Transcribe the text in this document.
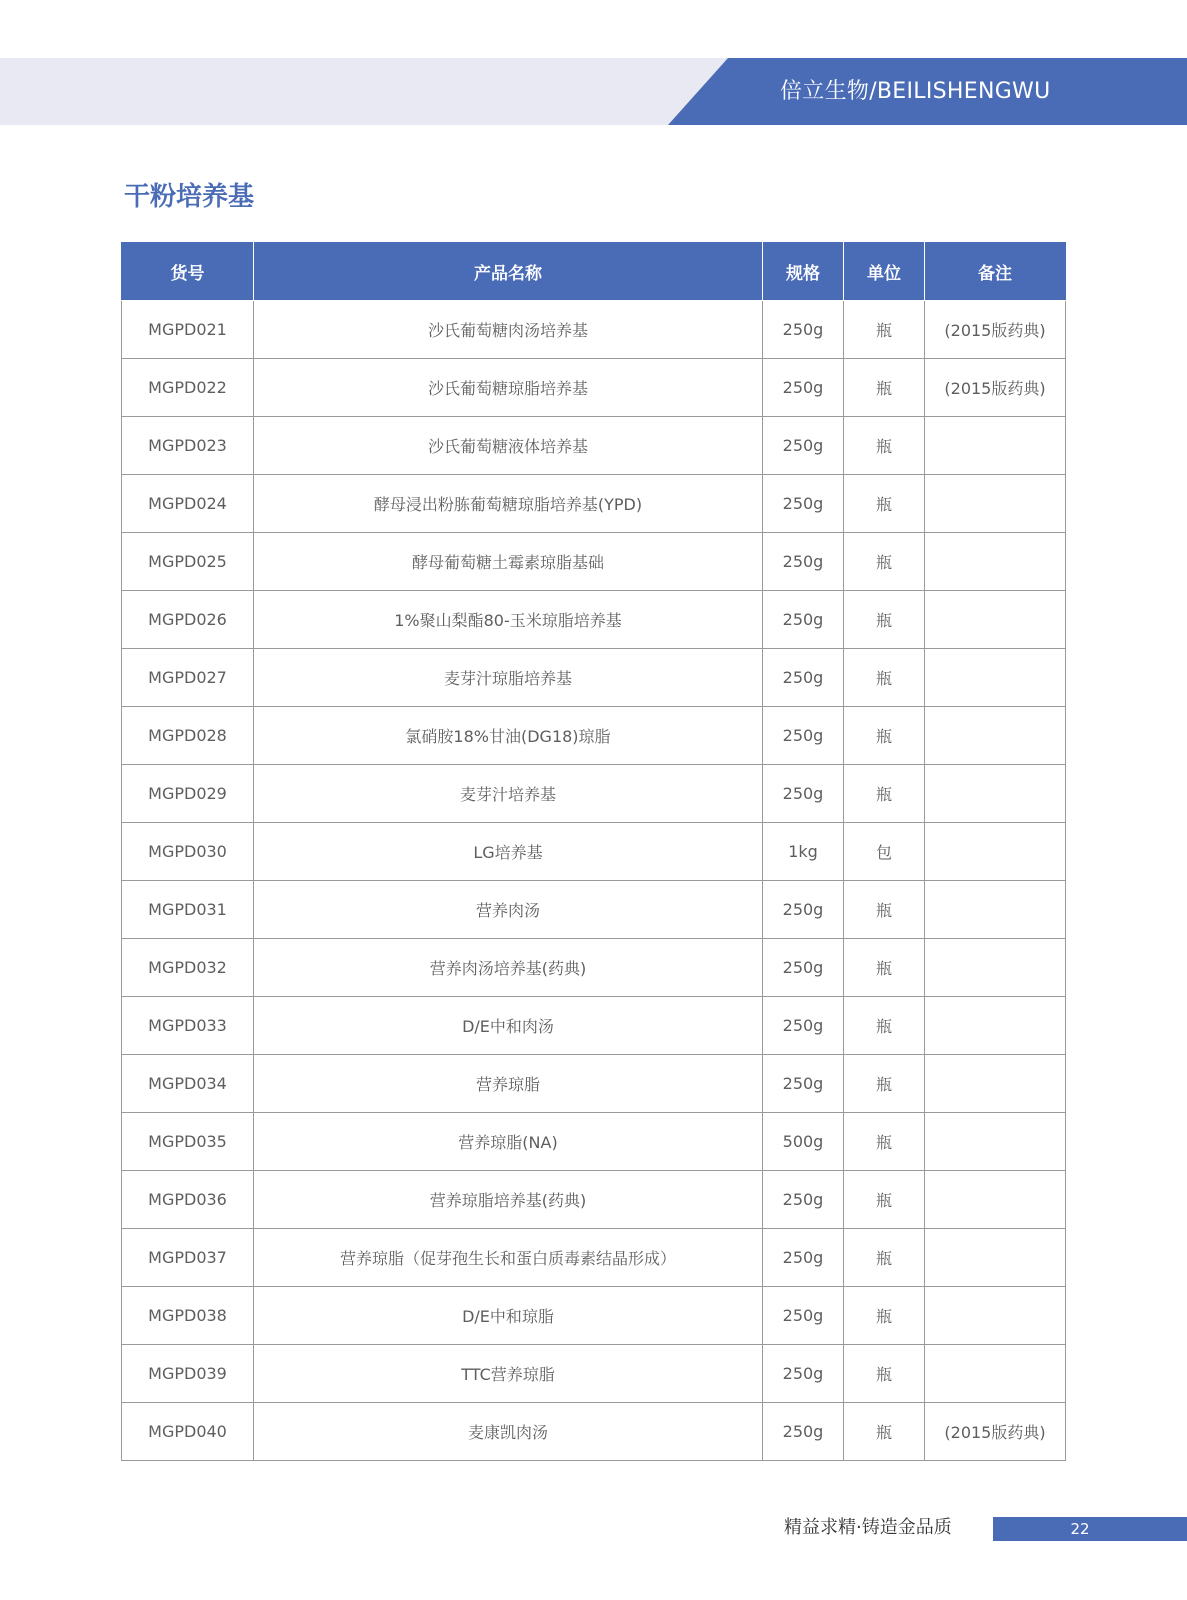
倍立生物/BEILISHENGWU
干粉培养基
货号	产品名称	规格	单位	备注
MGPD021	沙氏葡萄糖肉汤培养基	250g	瓶	(2015版药典)
MGPD022	沙氏葡萄糖琼脂培养基	250g	瓶	(2015版药典)
MGPD023	沙氏葡萄糖液体培养基	250g	瓶	
MGPD024	酵母浸出粉胨葡萄糖琼脂培养基(YPD)	250g	瓶	
MGPD025	酵母葡萄糖土霉素琼脂基础	250g	瓶	
MGPD026	1%聚山梨酯80-玉米琼脂培养基	250g	瓶	
MGPD027	麦芽汁琼脂培养基	250g	瓶	
MGPD028	氯硝胺18%甘油(DG18)琼脂	250g	瓶	
MGPD029	麦芽汁培养基	250g	瓶	
MGPD030	LG培养基	1kg	包	
MGPD031	营养肉汤	250g	瓶	
MGPD032	营养肉汤培养基(药典)	250g	瓶	
MGPD033	D/E中和肉汤	250g	瓶	
MGPD034	营养琼脂	250g	瓶	
MGPD035	营养琼脂(NA)	500g	瓶	
MGPD036	营养琼脂培养基(药典)	250g	瓶	
MGPD037	营养琼脂（促芽孢生长和蛋白质毒素结晶形成）	250g	瓶	
MGPD038	D/E中和琼脂	250g	瓶	
MGPD039	TTC营养琼脂	250g	瓶	
MGPD040	麦康凯肉汤	250g	瓶	(2015版药典)
精益求精·铸造金品质	22
